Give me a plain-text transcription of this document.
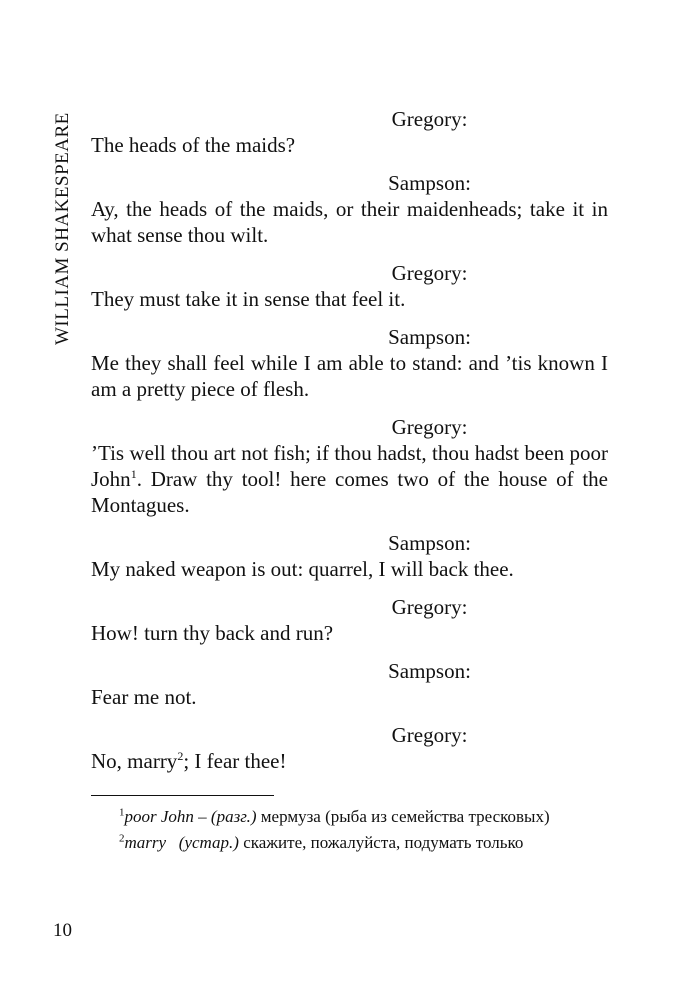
WILLIAM SHAKESPEARE	Gregory:

The heads of the maids?

Sampson:

Ay, the heads of the maids, or their maidenheads; take it in what sense thou wilt.

Gregory:

They must take it in sense that feel it.

Sampson:

Me they shall feel while I am able to stand: and ’tis known I am a pretty piece of flesh.

Gregory:

’Tis well thou art not fish; if thou hadst, thou hadst been poor John$^1$. Draw thy tool! here comes two of the house of the Montagues.

Sampson:

My naked weapon is out: quarrel, I will back thee.

Gregory:

How! turn thy back and run?

Sampson:

Fear me not.

Gregory:

No, marry$^2$; I fear thee!

$^1$poor John – (разг.) мермуза (рыба из семейства тресковых)

$^2$marry   (устар.) скажите, пожалуйста, подумать только

10
